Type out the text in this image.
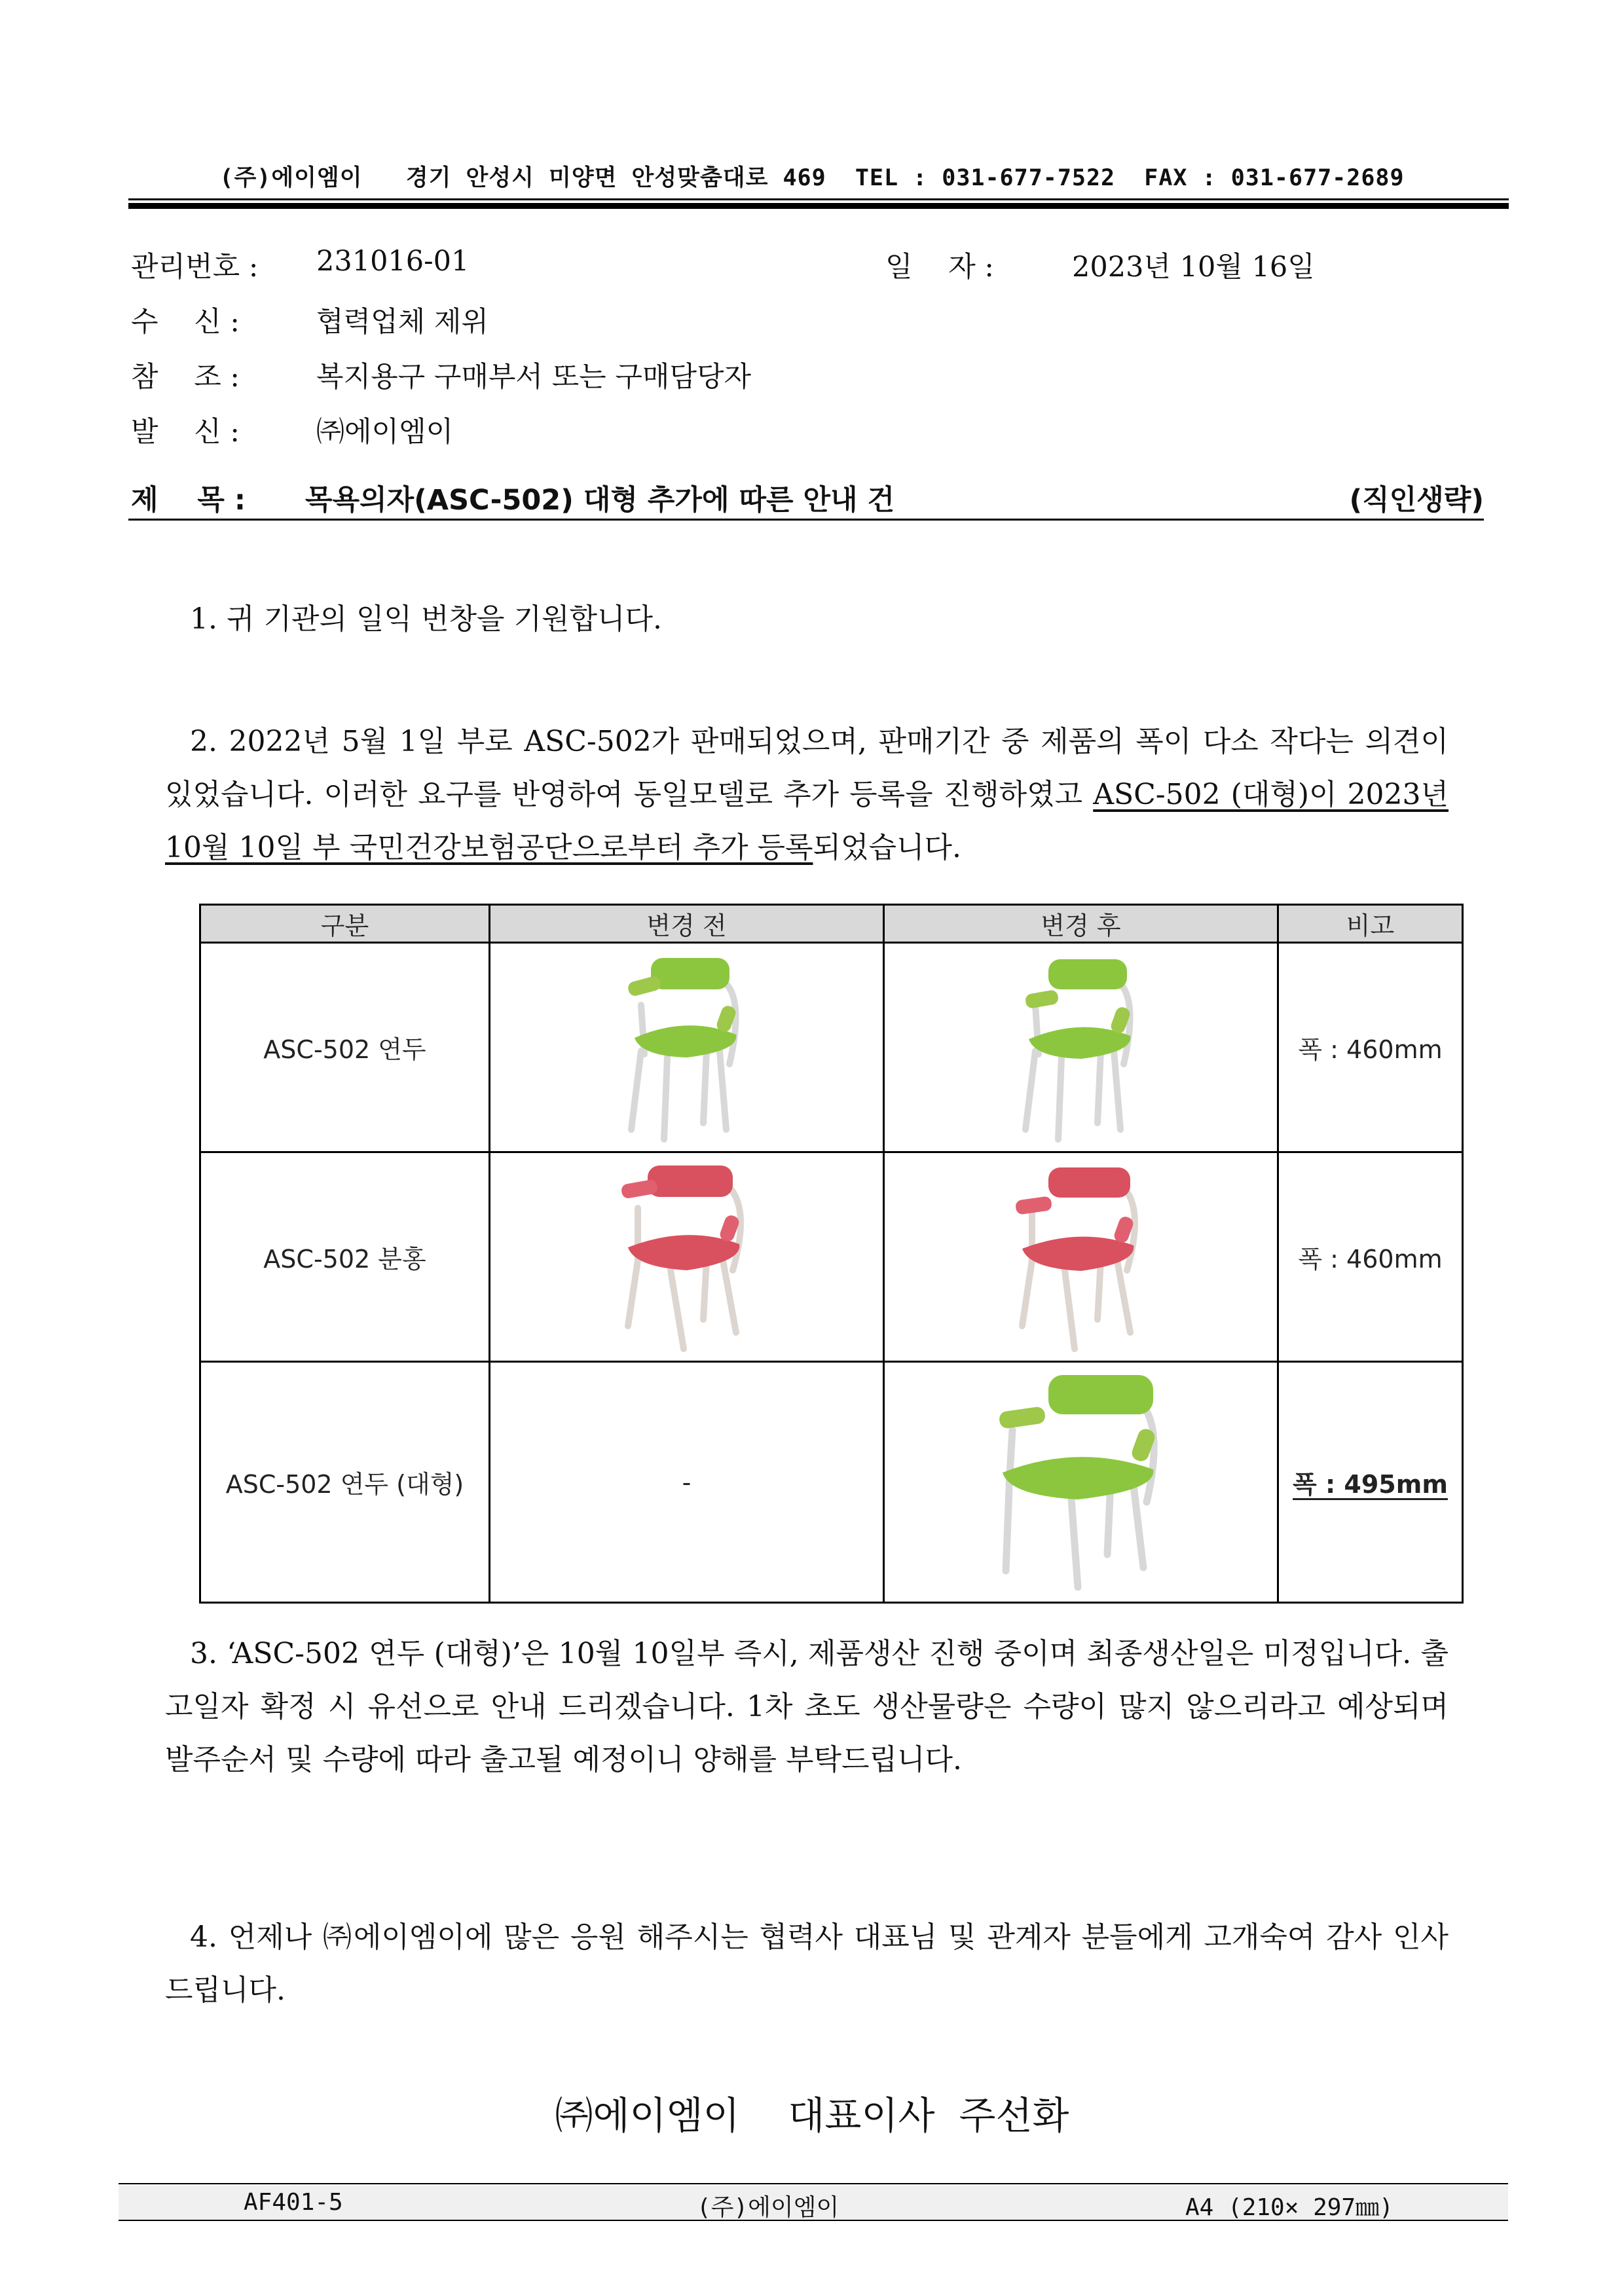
(주)에이엠이 경기 안성시 미양면 안성맞춤대로 469 TEL : 031-677-7522 FAX : 031-677-2689
관리번호 : 231016-01	일    자 :	2023년 10월 16일
수    신 :	협력업체 제위
참    조 :	복지용구 구매부서 또는 구매담당자
발    신 :	㈜에이엠이
제    목 : 목욕의자(ASC-502) 대형 추가에 따른 안내 건	(직인생략)
1. 귀 기관의 일익 번창을 기원합니다.
2. 2022년 5월 1일 부로 ASC-502가 판매되었으며, 판매기간 중 제품의 폭이 다소 작다는 의견이 있었습니다. 이러한 요구를 반영하여 동일모델로 추가 등록을 진행하였고 ASC-502 (대형)이 2023년 10월 10일 부 국민건강보험공단으로부터 추가 등록되었습니다.
구분	변경 전	변경 후	비고
ASC-502 연두			폭 : 460mm
ASC-502 분홍			폭 : 460mm
ASC-502 연두 (대형)	-		폭 : 495mm
3. ‘ASC-502 연두 (대형)’은 10월 10일부 즉시, 제품생산 진행 중이며 최종생산일은 미정입니다. 출고일자 확정 시 유선으로 안내 드리겠습니다. 1차 초도 생산물량은 수량이 많지 않으리라고 예상되며 발주순서 및 수량에 따라 출고될 예정이니 양해를 부탁드립니다.
4. 언제나 ㈜에이엠이에 많은 응원 해주시는 협력사 대표님 및 관계자 분들에게 고개숙여 감사 인사드립니다.
㈜에이엠이    대표이사  주선화
AF401-5	(주)에이엠이	A4 (210× 297㎜)
